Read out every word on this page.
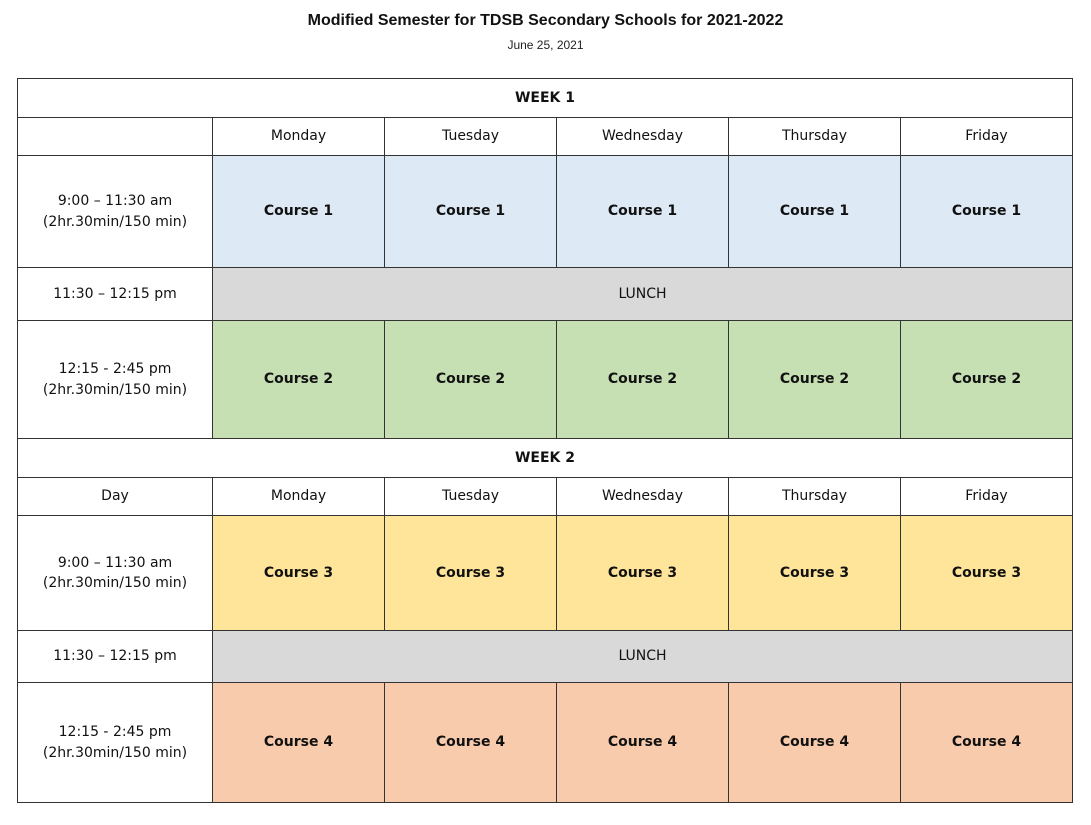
Modified Semester for TDSB Secondary Schools for 2021-2022
June 25, 2021
WEEK 1					
	Monday	Tuesday	Wednesday	Thursday	Friday

9:00 – 11:30 am
(2hr.30min/150 min)	Course 1	Course 1	Course 1	Course 1	Course 1
11:30 – 12:15 pm	LUNCH				

12:15 - 2:45 pm
(2hr.30min/150 min)	Course 2	Course 2	Course 2	Course 2	Course 2
WEEK 2					
Day	Monday	Tuesday	Wednesday	Thursday	Friday

9:00 – 11:30 am
(2hr.30min/150 min)	Course 3	Course 3	Course 3	Course 3	Course 3
11:30 – 12:15 pm	LUNCH				

12:15 - 2:45 pm
(2hr.30min/150 min)	Course 4	Course 4	Course 4	Course 4	Course 4
